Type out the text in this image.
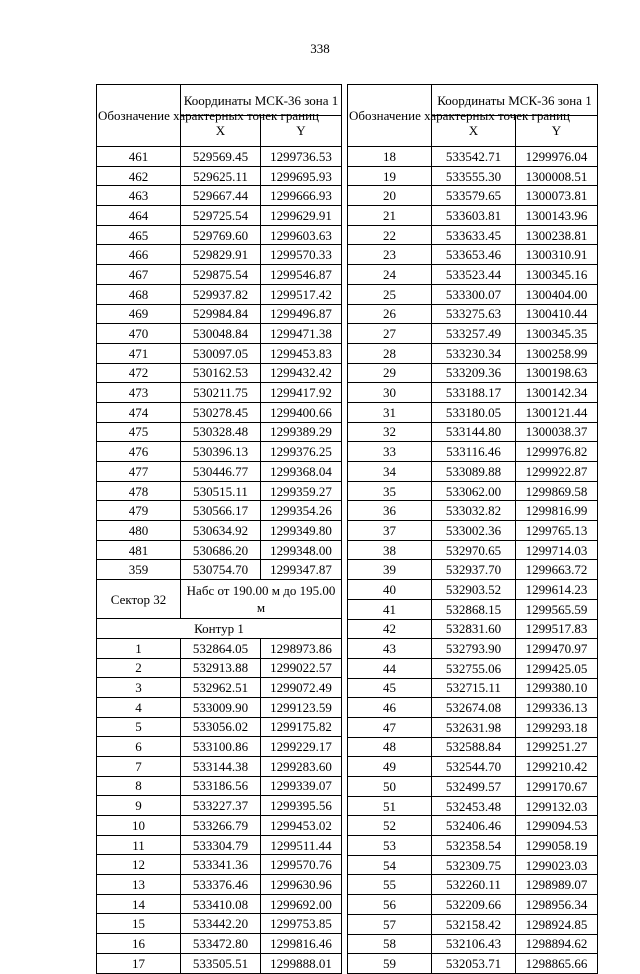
338
Обозначение характерных точек границ	Координаты МСК-36 зона 1	
	X	Y
461	529569.45	1299736.53
462	529625.11	1299695.93
463	529667.44	1299666.93
464	529725.54	1299629.91
465	529769.60	1299603.63
466	529829.91	1299570.33
467	529875.54	1299546.87
468	529937.82	1299517.42
469	529984.84	1299496.87
470	530048.84	1299471.38
471	530097.05	1299453.83
472	530162.53	1299432.42
473	530211.75	1299417.92
474	530278.45	1299400.66
475	530328.48	1299389.29
476	530396.13	1299376.25
477	530446.77	1299368.04
478	530515.11	1299359.27
479	530566.17	1299354.26
480	530634.92	1299349.80
481	530686.20	1299348.00
359	530754.70	1299347.87
Сектор 32	Набс от 190.00 м до 195.00 м	
Контур 1		
1	532864.05	1298973.86
2	532913.88	1299022.57
3	532962.51	1299072.49
4	533009.90	1299123.59
5	533056.02	1299175.82
6	533100.86	1299229.17
7	533144.38	1299283.60
8	533186.56	1299339.07
9	533227.37	1299395.56
10	533266.79	1299453.02
11	533304.79	1299511.44
12	533341.36	1299570.76
13	533376.46	1299630.96
14	533410.08	1299692.00
15	533442.20	1299753.85
16	533472.80	1299816.46
17	533505.51	1299888.01
Обозначение характерных точек границ	Координаты МСК-36 зона 1	
	X	Y
18	533542.71	1299976.04
19	533555.30	1300008.51
20	533579.65	1300073.81
21	533603.81	1300143.96
22	533633.45	1300238.81
23	533653.46	1300310.91
24	533523.44	1300345.16
25	533300.07	1300404.00
26	533275.63	1300410.44
27	533257.49	1300345.35
28	533230.34	1300258.99
29	533209.36	1300198.63
30	533188.17	1300142.34
31	533180.05	1300121.44
32	533144.80	1300038.37
33	533116.46	1299976.82
34	533089.88	1299922.87
35	533062.00	1299869.58
36	533032.82	1299816.99
37	533002.36	1299765.13
38	532970.65	1299714.03
39	532937.70	1299663.72
40	532903.52	1299614.23
41	532868.15	1299565.59
42	532831.60	1299517.83
43	532793.90	1299470.97
44	532755.06	1299425.05
45	532715.11	1299380.10
46	532674.08	1299336.13
47	532631.98	1299293.18
48	532588.84	1299251.27
49	532544.70	1299210.42
50	532499.57	1299170.67
51	532453.48	1299132.03
52	532406.46	1299094.53
53	532358.54	1299058.19
54	532309.75	1299023.03
55	532260.11	1298989.07
56	532209.66	1298956.34
57	532158.42	1298924.85
58	532106.43	1298894.62
59	532053.71	1298865.66
